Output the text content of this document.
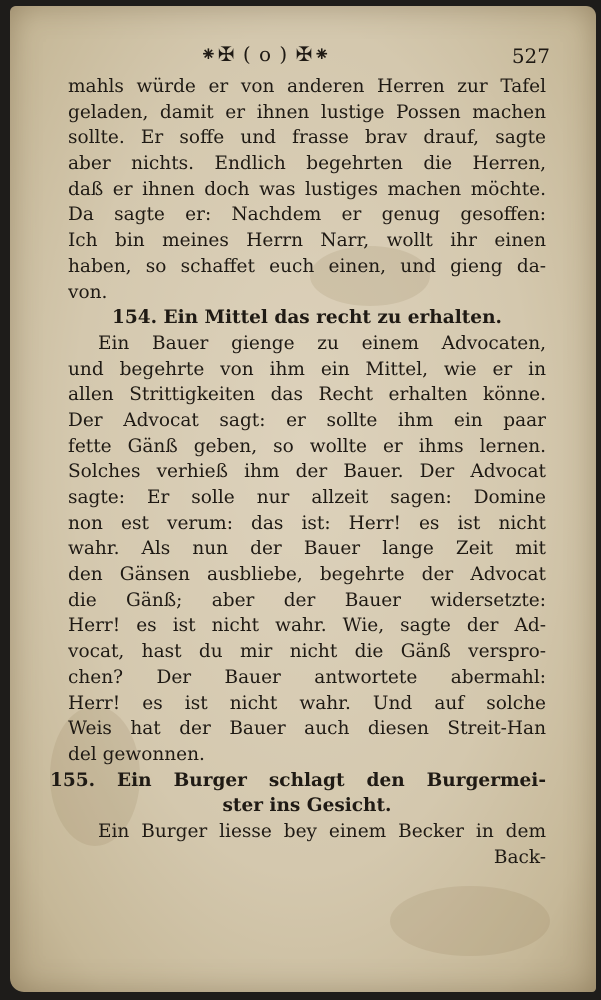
⁕✠ ( o ) ✠⁕	527
mahls würde er von anderen Herren zur Tafel
geladen, damit er ihnen lustige Possen machen
sollte. Er soffe und frasse brav drauf, sagte
aber nichts. Endlich begehrten die Herren,
daß er ihnen doch was lustiges machen möchte.
Da sagte er: Nachdem er genug gesoffen:
Ich bin meines Herrn Narr, wollt ihr einen
haben, so schaffet euch einen, und gieng da-
von.
154. Ein Mittel das recht zu erhalten.
Ein Bauer gienge zu einem Advocaten,
und begehrte von ihm ein Mittel, wie er in
allen Strittigkeiten das Recht erhalten könne.
Der Advocat sagt: er sollte ihm ein paar
fette Gänß geben, so wollte er ihms lernen.
Solches verhieß ihm der Bauer. Der Advocat
sagte: Er solle nur allzeit sagen: Domine
non est verum: das ist: Herr! es ist nicht
wahr. Als nun der Bauer lange Zeit mit
den Gänsen ausbliebe, begehrte der Advocat
die Gänß; aber der Bauer widersetzte:
Herr! es ist nicht wahr. Wie, sagte der Ad-
vocat, hast du mir nicht die Gänß verspro-
chen? Der Bauer antwortete abermahl:
Herr! es ist nicht wahr. Und auf solche
Weis hat der Bauer auch diesen Streit-Han
del gewonnen.
155. Ein Burger schlagt den Burgermei-
ster ins Gesicht.
Ein Burger liesse bey einem Becker in dem
Back-
